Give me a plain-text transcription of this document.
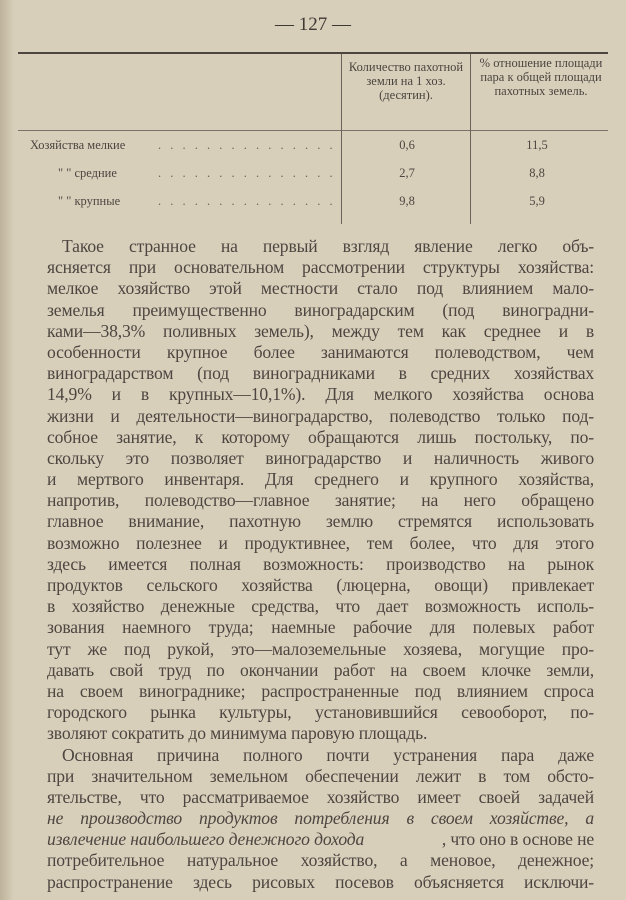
— 127 —
Количество пахотной земли на 1 хоз. (десятин).
% отношение площади пара к общей площади пахотных земель.
Хозяйства мелкие	. . . . . . . . . . . . . . .	0,6	11,5
" " средние	. . . . . . . . . . . . . . .	2,7	8,8
" " крупные	. . . . . . . . . . . . . . .	9,8	5,9
Такое странное на первый взгляд явление легко объ-
ясняется при основательном рассмотрении структуры хозяйства:
мелкое хозяйство этой местности стало под влиянием мало-
земелья преимущественно виноградарским (под виноградни-
ками—38,3% поливных земель), между тем как среднее и в
особенности крупное более занимаются полеводством, чем
виноградарством (под виноградниками в средних хозяйствах
14,9% и в крупных—10,1%). Для мелкого хозяйства основа
жизни и деятельности—виноградарство, полеводство только под-
собное занятие, к которому обращаются лишь постольку, по-
скольку это позволяет виноградарство и наличность живого
и мертвого инвентаря. Для среднего и крупного хозяйства,
напротив, полеводство—главное занятие; на него обращено
главное внимание, пахотную землю стремятся использовать
возможно полезнее и продуктивнее, тем более, что для этого
здесь имеется полная возможность: производство на рынок
продуктов сельского хозяйства (люцерна, овощи) привлекает
в хозяйство денежные средства, что дает возможность исполь-
зования наемного труда; наемные рабочие для полевых работ
тут же под рукой, это—малоземельные хозяева, могущие про-
давать свой труд по окончании работ на своем клочке земли,
на своем винограднике; распространенные под влиянием спроса
городского рынка культуры, установившийся севооборот, по-
зволяют сократить до минимума паровую площадь.
Основная причина полного почти устранения пара даже
при значительном земельном обеспечении лежит в том обсто-
ятельстве, что рассматриваемое хозяйство имеет своей задачей
не производство продуктов потребления в своем хозяйстве, а
извлечение наибольшего денежного дохода	, что оно в основе не
потребительное натуральное хозяйство, а меновое, денежное;
распространение здесь рисовых посевов объясняется исключи-
